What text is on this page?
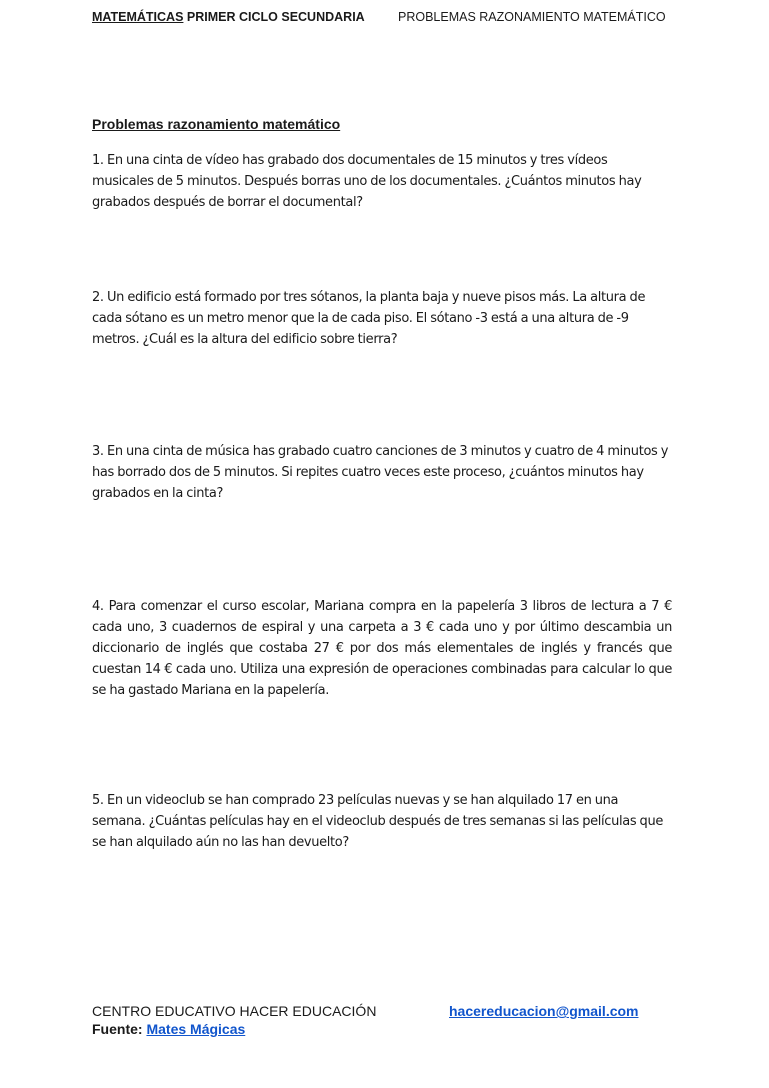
MATEMÁTICAS PRIMER CICLO SECUNDARIA	PROBLEMAS RAZONAMIENTO MATEMÁTICO
Problemas razonamiento matemático
1. En una cinta de vídeo has grabado dos documentales de 15 minutos y tres vídeos musicales de 5 minutos. Después borras uno de los documentales. ¿Cuántos minutos hay grabados después de borrar el documental?
2. Un edificio está formado por tres sótanos, la planta baja y nueve pisos más. La altura de cada sótano es un metro menor que la de cada piso. El sótano -3 está a una altura de -9 metros. ¿Cuál es la altura del edificio sobre tierra?
3. En una cinta de música has grabado cuatro canciones de 3 minutos y cuatro de 4 minutos y has borrado dos de 5 minutos. Si repites cuatro veces este proceso, ¿cuántos minutos hay grabados en la cinta?
4. Para comenzar el curso escolar, Mariana compra en la papelería 3 libros de lectura a 7 € cada uno, 3 cuadernos de espiral y una carpeta a 3 € cada uno y por último descambia un diccionario de inglés que costaba 27 € por dos más elementales de inglés y francés que cuestan 14 € cada uno. Utiliza una expresión de operaciones combinadas para calcular lo que se ha gastado Mariana en la papelería.
5. En un videoclub se han comprado 23 películas nuevas y se han alquilado 17 en una semana. ¿Cuántas películas hay en el videoclub después de tres semanas si las películas que se han alquilado aún no las han devuelto?
CENTRO EDUCATIVO HACER EDUCACIÓN	hacereducacion@gmail.com
Fuente: Mates Mágicas
